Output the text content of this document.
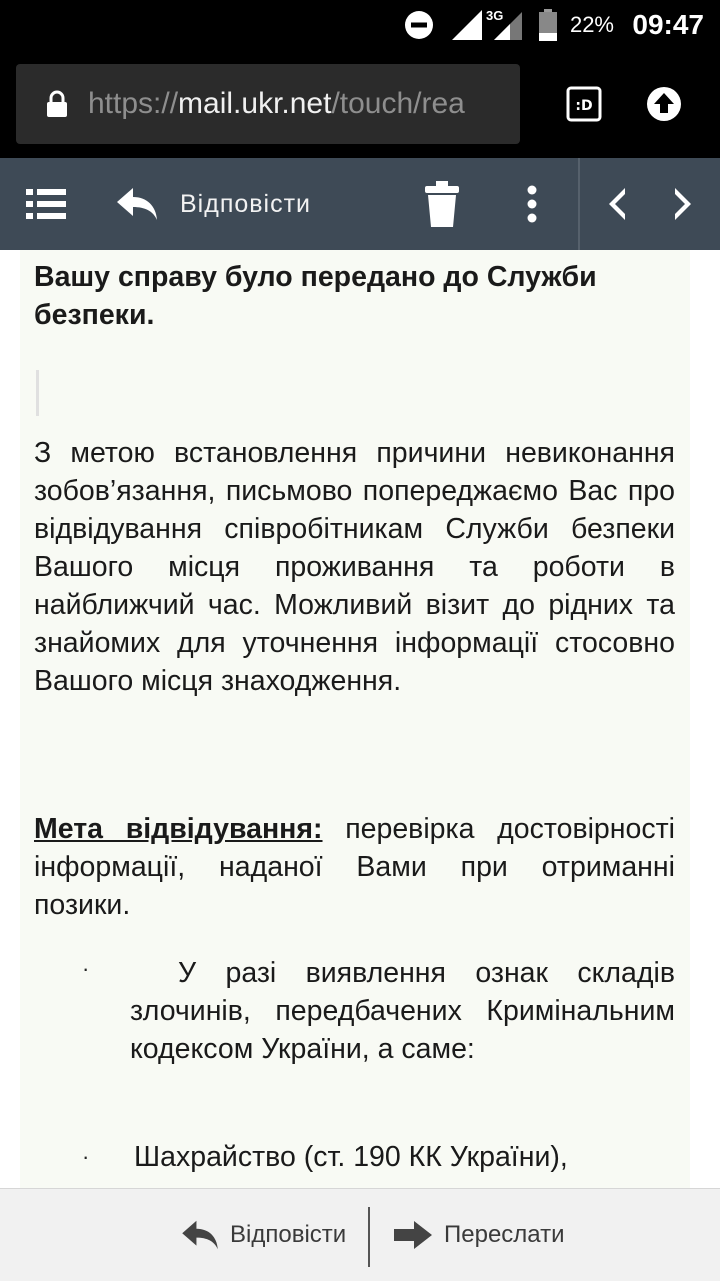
3G	22% 09:47
https://mail.ukr.net/touch/rea	:D
Відповісти
Вашу справу було передано до Служби безпеки.
З метою встановлення причини невиконання зобов’язання, письмово попереджаємо Вас про відвідування співробітникам Служби безпеки Вашого місця проживання та роботи в найближчий час. Можливий візит до рідних та знайомих для уточнення інформації стосовно Вашого місця знаходження.
Мета відвідування: перевірка достовірності інформації, наданої Вами при отриманні позики.
·	У разі виявлення ознак складів злочинів, передбачених Кримінальним кодексом України, а саме:
· Шахрайство (ст. 190 КК України),
Відповісти	Переслати
